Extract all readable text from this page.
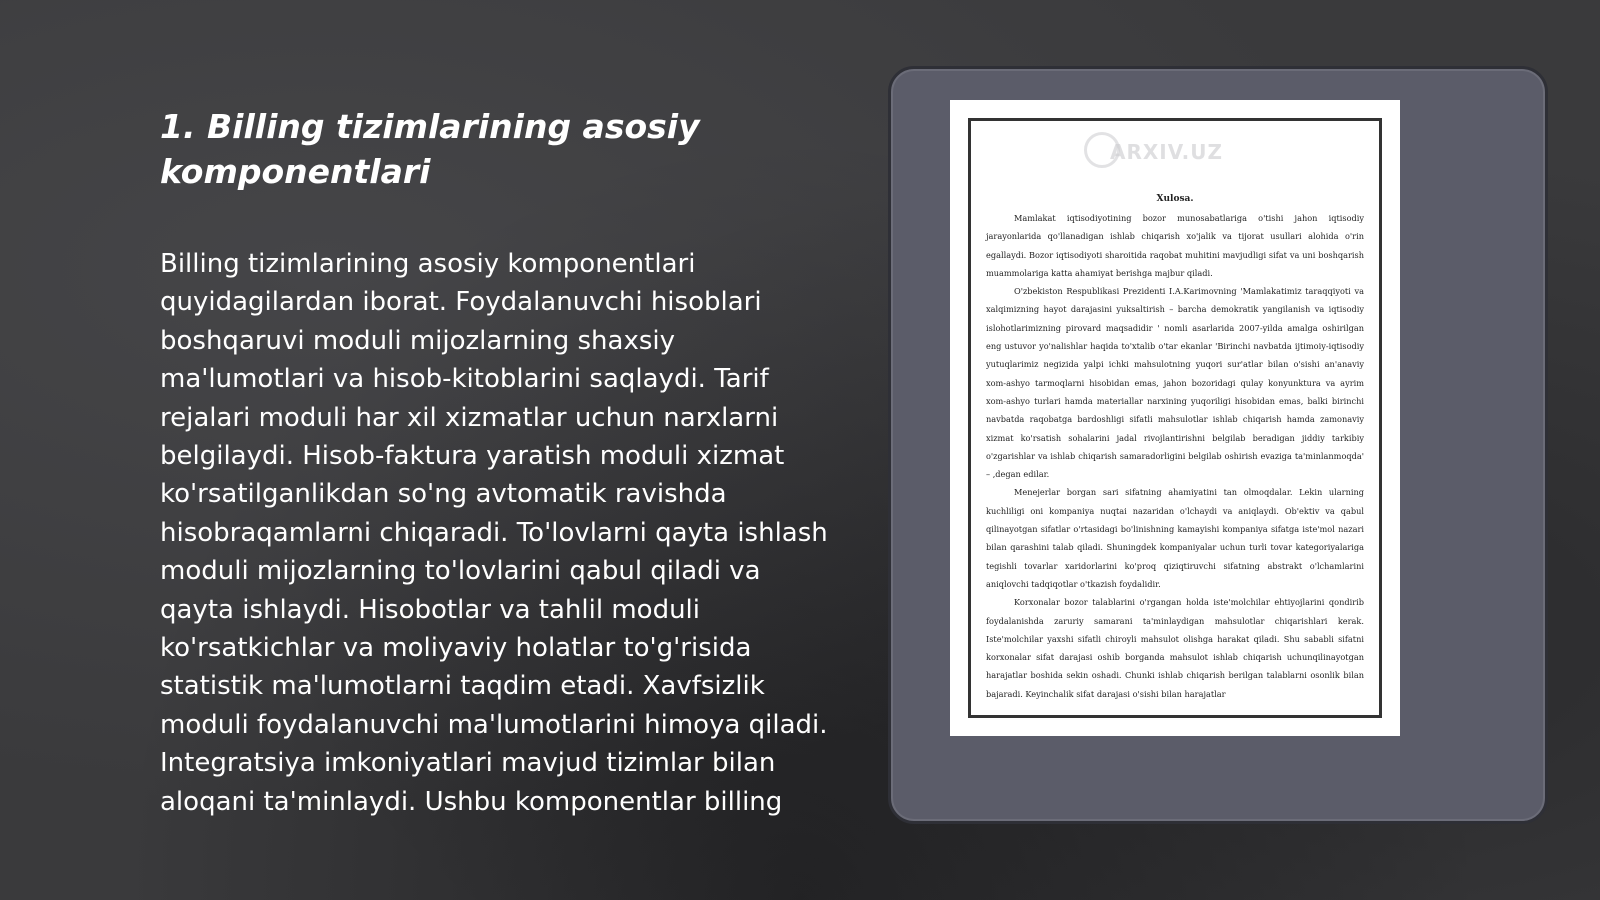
1. Billing tizimlarining asosiy komponentlari

Billing tizimlarining asosiy komponentlari quyidagilardan iborat. Foydalanuvchi hisoblari boshqaruvi moduli mijozlarning shaxsiy ma'lumotlari va hisob-kitoblarini saqlaydi. Tarif rejalari moduli har xil xizmatlar uchun narxlarni belgilaydi. Hisob-faktura yaratish moduli xizmat ko'rsatilganlikdan so'ng avtomatik ravishda hisobraqamlarni chiqaradi. To'lovlarni qayta ishlash moduli mijozlarning to'lovlarini qabul qiladi va qayta ishlaydi. Hisobotlar va tahlil moduli ko'rsatkichlar va moliyaviy holatlar to'g'risida statistik ma'lumotlarni taqdim etadi. Xavfsizlik moduli foydalanuvchi ma'lumotlarini himoya qiladi. Integratsiya imkoniyatlari mavjud tizimlar bilan aloqani ta'minlaydi. Ushbu komponentlar billing

ARXIV.UZ
Xulosa.

Mamlakat iqtisodiyotining bozor munosabatlariga o'tishi jahon iqtisodiy jarayonlarida qo'llanadigan ishlab chiqarish xo'jalik va tijorat usullari alohida o'rin egallaydi. Bozor iqtisodiyoti sharoitida raqobat muhitini mavjudligi sifat va uni boshqarish muammolariga katta ahamiyat berishga majbur qiladi.

O'zbekiston Respublikasi Prezidenti I.A.Karimovning 'Mamlakatimiz taraqqiyoti va xalqimizning hayot darajasini yuksaltirish – barcha demokratik yangilanish va iqtisodiy islohotlarimizning pirovard maqsadidir ' nomli asarlarida 2007-yilda amalga oshirilgan eng ustuvor yo'nalishlar haqida to'xtalib o'tar ekanlar 'Birinchi navbatda ijtimoiy-iqtisodiy yutuqlarimiz negizida yalpi ichki mahsulotning yuqori sur'atlar bilan o'sishi an'anaviy xom-ashyo tarmoqlarni hisobidan emas, jahon bozoridagi qulay konyunktura va ayrim xom-ashyo turlari hamda materiallar narxining yuqoriligi hisobidan emas, balki birinchi navbatda raqobatga bardoshligi sifatli mahsulotlar ishlab chiqarish hamda zamonaviy xizmat ko'rsatish sohalarini jadal rivojlantirishni belgilab beradigan jiddiy tarkibiy o'zgarishlar va ishlab chiqarish samaradorligini belgilab oshirish evaziga ta'minlanmoqda' – ,degan edilar.

Menejerlar borgan sari sifatning ahamiyatini tan olmoqdalar. Lekin ularning kuchliligi oni kompaniya nuqtai nazaridan o'lchaydi va aniqlaydi. Ob'ektiv va qabul qilinayotgan sifatlar o'rtasidagi bo'linishning kamayishi kompaniya sifatga iste'mol nazari bilan qarashini talab qiladi. Shuningdek kompaniyalar uchun turli tovar kategoriyalariga tegishli tovarlar xaridorlarini ko'proq qiziqtiruvchi sifatning abstrakt o'lchamlarini aniqlovchi tadqiqotlar o'tkazish foydalidir.

Korxonalar bozor talablarini o'rgangan holda iste'molchilar ehtiyojlarini qondirib foydalanishda zaruriy samarani ta'minlaydigan mahsulotlar chiqarishlari kerak. Iste'molchilar yaxshi sifatli chiroyli mahsulot olishga harakat qiladi. Shu sababli sifatni korxonalar sifat darajasi oshib borganda mahsulot ishlab chiqarish uchunqilinayotgan harajatlar boshida sekin oshadi. Chunki ishlab chiqarish berilgan talablarni osonlik bilan bajaradi. Keyinchalik sifat darajasi o'sishi bilan harajatlar
